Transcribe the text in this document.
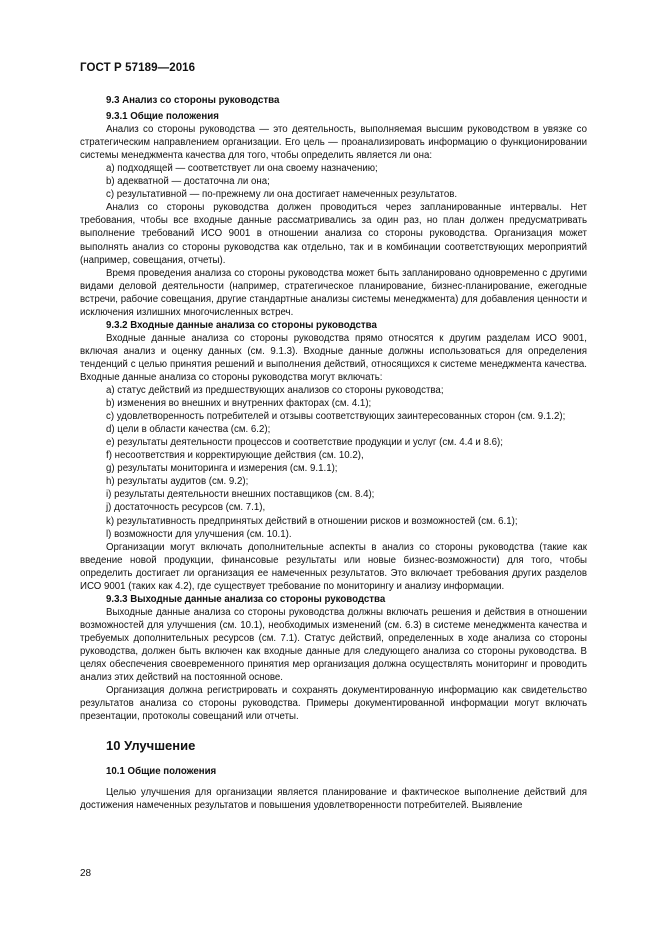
ГОСТ Р 57189—2016

9.3 Анализ со стороны руководства

9.3.1 Общие положения

Анализ со стороны руководства — это деятельность, выполняемая высшим руководством в увязке со стратегическим направлением организации. Его цель — проанализировать информацию о функционировании системы менеджмента качества для того, чтобы определить является ли она:

a) подходящей — соответствует ли она своему назначению;

b) адекватной — достаточна ли она;

c) результативной — по-прежнему ли она достигает намеченных результатов.

Анализ со стороны руководства должен проводиться через запланированные интервалы. Нет требования, чтобы все входные данные рассматривались за один раз, но план должен предусматривать выполнение требований ИСО 9001 в отношении анализа со стороны руководства. Организация может выполнять анализ со стороны руководства как отдельно, так и в комбинации соответствующих мероприятий (например, совещания, отчеты).

Время проведения анализа со стороны руководства может быть запланировано одновременно с другими видами деловой деятельности (например, стратегическое планирование, бизнес-планирование, ежегодные встречи, рабочие совещания, другие стандартные анализы системы менеджмента) для добавления ценности и исключения излишних многочисленных встреч.

9.3.2 Входные данные анализа со стороны руководства

Входные данные анализа со стороны руководства прямо относятся к другим разделам ИСО 9001, включая анализ и оценку данных (см. 9.1.3). Входные данные должны использоваться для определения тенденций с целью принятия решений и выполнения действий, относящихся к системе менеджмента качества. Входные данные анализа со стороны руководства могут включать:

a) статус действий из предшествующих анализов со стороны руководства;

b) изменения во внешних и внутренних факторах (см. 4.1);

c) удовлетворенность потребителей и отзывы соответствующих заинтересованных сторон (см. 9.1.2);

d) цели в области качества (см. 6.2);

e) результаты деятельности процессов и соответствие продукции и услуг (см. 4.4 и 8.6);

f) несоответствия и корректирующие действия (см. 10.2),

g) результаты мониторинга и измерения (см. 9.1.1);

h) результаты аудитов (см. 9.2);

i) результаты деятельности внешних поставщиков (см. 8.4);

j) достаточность ресурсов (см. 7.1),

k) результативность предпринятых действий в отношении рисков и возможностей (см. 6.1);

l) возможности для улучшения (см. 10.1).

Организации могут включать дополнительные аспекты в анализ со стороны руководства (такие как введение новой продукции, финансовые результаты или новые бизнес-возможности) для того, чтобы определить достигает ли организация ее намеченных результатов. Это включает требования других разделов ИСО 9001 (таких как 4.2), где существует требование по мониторингу и анализу информации.

9.3.3 Выходные данные анализа со стороны руководства

Выходные данные анализа со стороны руководства должны включать решения и действия в отношении возможностей для улучшения (см. 10.1), необходимых изменений (см. 6.3) в системе менеджмента качества и требуемых дополнительных ресурсов (см. 7.1). Статус действий, определенных в ходе анализа со стороны руководства, должен быть включен как входные данные для следующего анализа со стороны руководства. В целях обеспечения своевременного принятия мер организация должна осуществлять мониторинг и проводить анализ этих действий на постоянной основе.

Организация должна регистрировать и сохранять документированную информацию как свидетельство результатов анализа со стороны руководства. Примеры документированной информации могут включать презентации, протоколы совещаний или отчеты.

10 Улучшение

10.1 Общие положения

Целью улучшения для организации является планирование и фактическое выполнение действий для достижения намеченных результатов и повышения удовлетворенности потребителей. Выявление

28
